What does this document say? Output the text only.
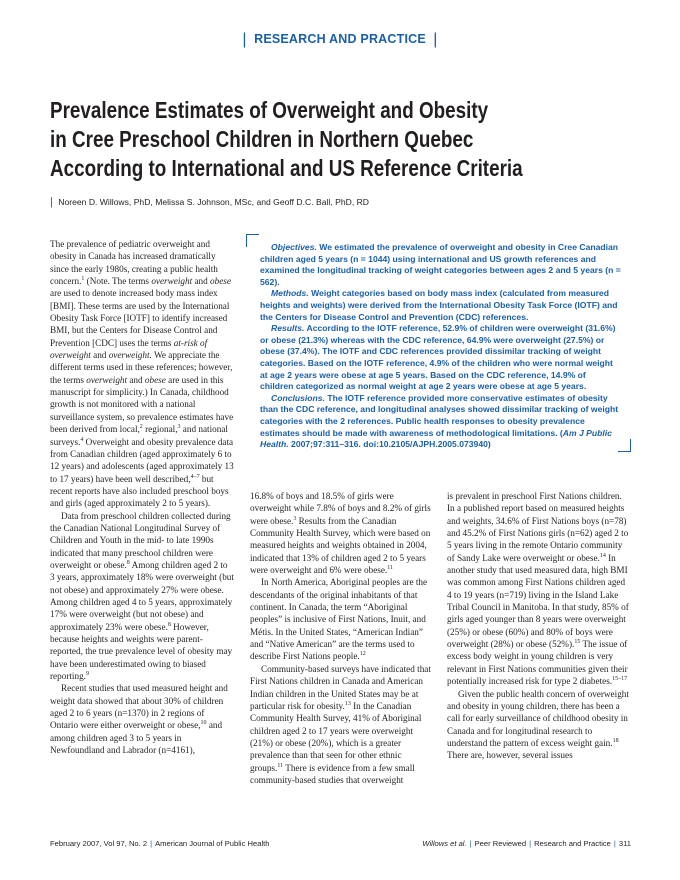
| RESEARCH AND PRACTICE |
Prevalence Estimates of Overweight and Obesity
in Cree Preschool Children in Northern Quebec
According to International and US Reference Criteria
| Noreen D. Willows, PhD, Melissa S. Johnson, MSc, and Geoff D.C. Ball, PhD, RD

Objectives. We estimated the prevalence of overweight and obesity in Cree Canadian children aged 5 years (n = 1044) using international and US growth references and examined the longitudinal tracking of weight categories between ages 2 and 5 years (n = 562).

Methods. Weight categories based on body mass index (calculated from measured heights and weights) were derived from the International Obesity Task Force (IOTF) and the Centers for Disease Control and Prevention (CDC) references.

Results. According to the IOTF reference, 52.9% of children were overweight (31.6%) or obese (21.3%) whereas with the CDC reference, 64.9% were overweight (27.5%) or obese (37.4%). The IOTF and CDC references provided dissimilar tracking of weight categories. Based on the IOTF reference, 4.9% of the children who were normal weight at age 2 years were obese at age 5 years. Based on the CDC reference, 14.9% of children categorized as normal weight at age 2 years were obese at age 5 years.

Conclusions. The IOTF reference provided more conservative estimates of obesity than the CDC reference, and longitudinal analyses showed dissimilar tracking of weight categories with the 2 references. Public health responses to obesity prevalence estimates should be made with awareness of methodological limitations. (Am J Public Health. 2007;97:311–316. doi:10.2105/AJPH.2005.073940)

The prevalence of pediatric overweight and obesity in Canada has increased dramatically since the early 1980s, creating a public health concern.$^1$ (Note. The terms overweight and obese are used to denote increased body mass index [BMI]. These terms are used by the International Obesity Task Force [IOTF] to identify increased BMI, but the Centers for Disease Control and Prevention [CDC] uses the terms at-risk of overweight and overweight. We appreciate the different terms used in these references; however, the terms overweight and obese are used in this manuscript for simplicity.) In Canada, childhood growth is not monitored with a national surveillance system, so prevalence estimates have been derived from local,$^2$ regional,$^3$ and national surveys.$^4$ Overweight and obesity prevalence data from Canadian children (aged approximately 6 to 12 years) and adolescents (aged approximately 13 to 17 years) have been well described,$^{4-7}$ but recent reports have also included preschool boys and girls (aged approximately 2 to 5 years).

Data from preschool children collected during the Canadian National Longitudinal Survey of Children and Youth in the mid- to late 1990s indicated that many preschool children were overweight or obese.$^8$ Among children aged 2 to 3 years, approximately 18% were overweight (but not obese) and approximately 27% were obese. Among children aged 4 to 5 years, approximately 17% were overweight (but not obese) and approximately 23% were obese.$^8$ However, because heights and weights were parent-reported, the true prevalence level of obesity may have been underestimated owing to biased reporting.$^9$

Recent studies that used measured height and weight data showed that about 30% of children aged 2 to 6 years (n=1370) in 2 regions of Ontario were either overweight or obese,$^{10}$ and among children aged 3 to 5 years in Newfoundland and Labrador (n=4161),

16.8% of boys and 18.5% of girls were overweight while 7.8% of boys and 8.2% of girls were obese.$^3$ Results from the Canadian Community Health Survey, which were based on measured heights and weights obtained in 2004, indicated that 13% of children aged 2 to 5 years were overweight and 6% were obese.$^{11}$

In North America, Aboriginal peoples are the descendants of the original inhabitants of that continent. In Canada, the term “Aboriginal peoples” is inclusive of First Nations, Inuit, and Métis. In the United States, “American Indian” and “Native American” are the terms used to describe First Nations people.$^{12}$

Community-based surveys have indicated that First Nations children in Canada and American Indian children in the United States may be at particular risk for obesity.$^{13}$ In the Canadian Community Health Survey, 41% of Aboriginal children aged 2 to 17 years were overweight (21%) or obese (20%), which is a greater prevalence than that seen for other ethnic groups.$^{11}$ There is evidence from a few small community-based studies that overweight

is prevalent in preschool First Nations children. In a published report based on measured heights and weights, 34.6% of First Nations boys (n=78) and 45.2% of First Nations girls (n=62) aged 2 to 5 years living in the remote Ontario community of Sandy Lake were overweight or obese.$^{14}$ In another study that used measured data, high BMI was common among First Nations children aged 4 to 19 years (n=719) living in the Island Lake Tribal Council in Manitoba. In that study, 85% of girls aged younger than 8 years were overweight (25%) or obese (60%) and 80% of boys were overweight (28%) or obese (52%).$^{15}$ The issue of excess body weight in young children is very relevant in First Nations communities given their potentially increased risk for type 2 diabetes.$^{15-17}$

Given the public health concern of overweight and obesity in young children, there has been a call for early surveillance of childhood obesity in Canada and for longitudinal research to understand the pattern of excess weight gain.$^{18}$ There are, however, several issues

February 2007, Vol 97, No. 2 | American Journal of Public Health	Willows et al. | Peer Reviewed | Research and Practice | 311
